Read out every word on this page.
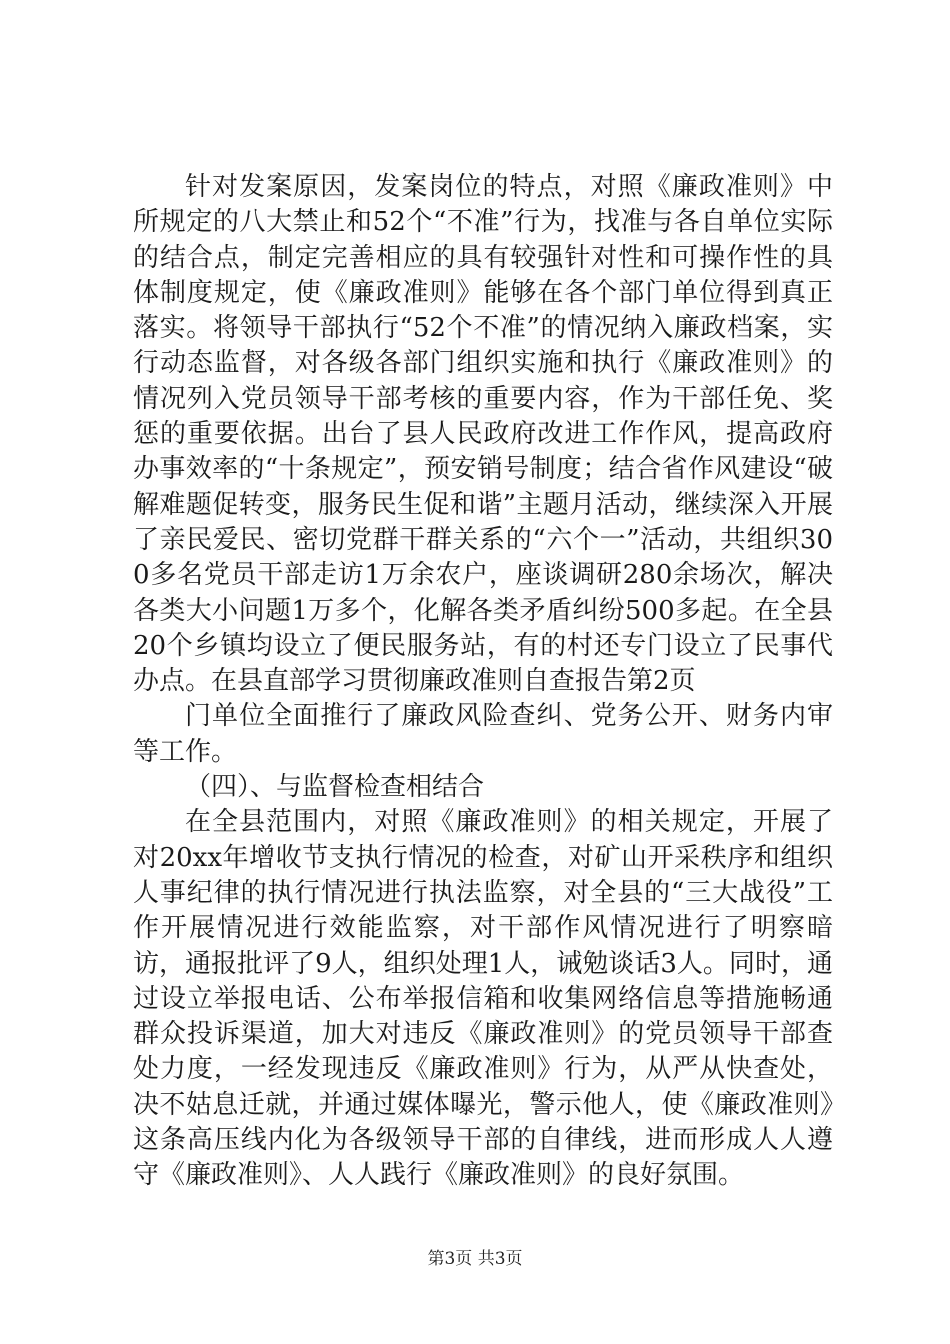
针对发案原因，发案岗位的特点，对照《廉政准则》中所规定的八大禁止和52个“不准”行为，找准与各自单位实际的结合点，制定完善相应的具有较强针对性和可操作性的具体制度规定，使《廉政准则》能够在各个部门单位得到真正落实。将领导干部执行“52个不准”的情况纳入廉政档案，实行动态监督，对各级各部门组织实施和执行《廉政准则》的情况列入党员领导干部考核的重要内容，作为干部任免、奖惩的重要依据。出台了县人民政府改进工作作风，提高政府办事效率的“十条规定”，预安销号制度；结合省作风建设“破解难题促转变，服务民生促和谐”主题月活动，继续深入开展了亲民爱民、密切党群干群关系的“六个一”活动，共组织300多名党员干部走访1万余农户，座谈调研280余场次，解决各类大小问题1万多个，化解各类矛盾纠纷500多起。在全县20个乡镇均设立了便民服务站，有的村还专门设立了民事代办点。在县直部学习贯彻廉政准则自查报告第2页

门单位全面推行了廉政风险查纠、党务公开、财务内审等工作。

（四）、与监督检查相结合

在全县范围内，对照《廉政准则》的相关规定，开展了对20xx年增收节支执行情况的检查，对矿山开采秩序和组织人事纪律的执行情况进行执法监察，对全县的“三大战役”工作开展情况进行效能监察，对干部作风情况进行了明察暗访，通报批评了9人，组织处理1人，诫勉谈话3人。同时，通过设立举报电话、公布举报信箱和收集网络信息等措施畅通群众投诉渠道，加大对违反《廉政准则》的党员领导干部查处力度，一经发现违反《廉政准则》行为，从严从快查处，决不姑息迁就，并通过媒体曝光，警示他人，使《廉政准则》这条高压线内化为各级领导干部的自律线，进而形成人人遵守《廉政准则》、人人践行《廉政准则》的良好氛围。

第3页 共3页
